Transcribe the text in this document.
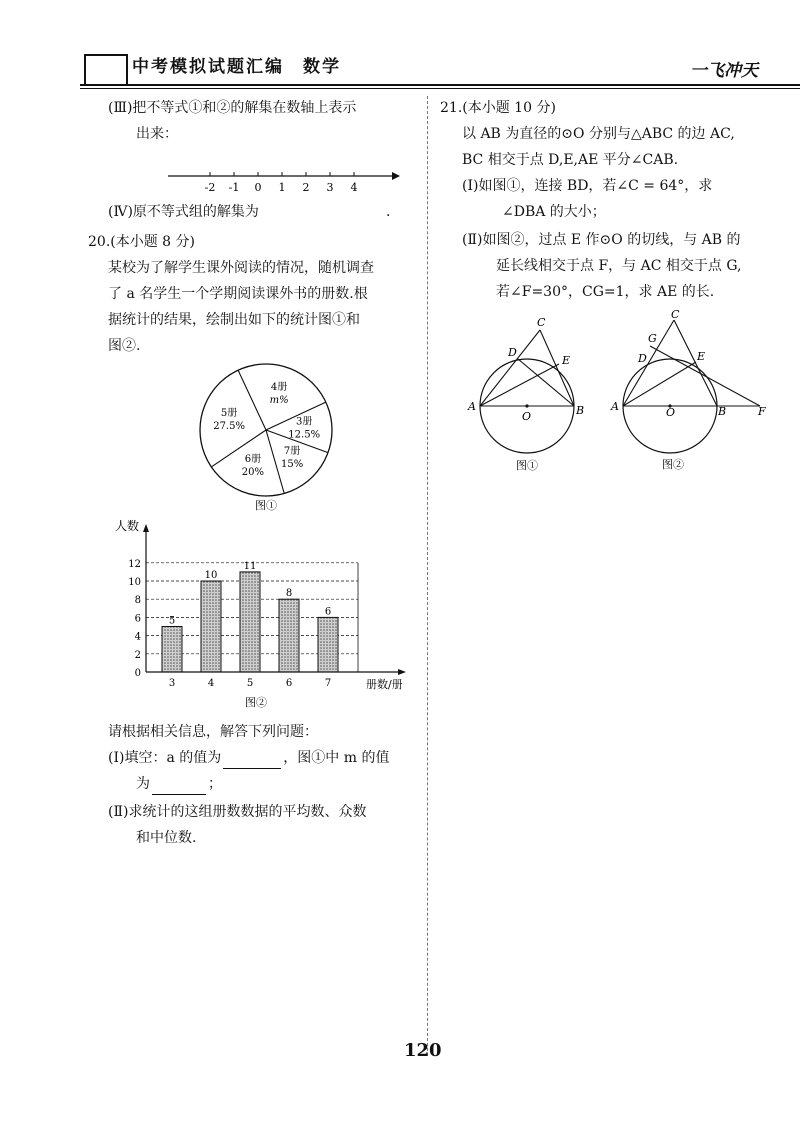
中考模拟试题汇编　数学	一飞冲天
(Ⅲ)把不等式①和②的解集在数轴上表示
出来：
-2 -1 0 1 2 3 4
(Ⅳ)原不等式组的解集为	.
20.(本小题 8 分)
某校为了解学生课外阅读的情况，随机调查
了 a 名学生一个学期阅读课外书的册数.根
据统计的结果，绘制出如下的统计图①和
图②.
4册
m%
3册
12.5%
7册
15%
6册
20%
5册
27.5%
图①
5
10
11
8
6
0
2
4
6
8
10
12
3	4	5	6	7
人数
册数/册
图②
请根据相关信息，解答下列问题：
(Ⅰ)填空：a 的值为	，图①中 m 的值
为	；
(Ⅱ)求统计的这组册数数据的平均数、众数
和中位数.
21.(本小题 10 分)
以 AB 为直径的⊙O 分别与△ABC 的边 AC,
BC 相交于点 D,E,AE 平分∠CAB.
(Ⅰ)如图①，连接 BD，若∠C = 64°，求
∠DBA 的大小；
(Ⅱ)如图②，过点 E 作⊙O 的切线，与 AB 的
延长线相交于点 F，与 AC 相交于点 G,
若∠F=30°，CG=1，求 AE 的长.
C
D
E
A	B
O
图①
C
G
D	E
A	B	F
O
图②
120
